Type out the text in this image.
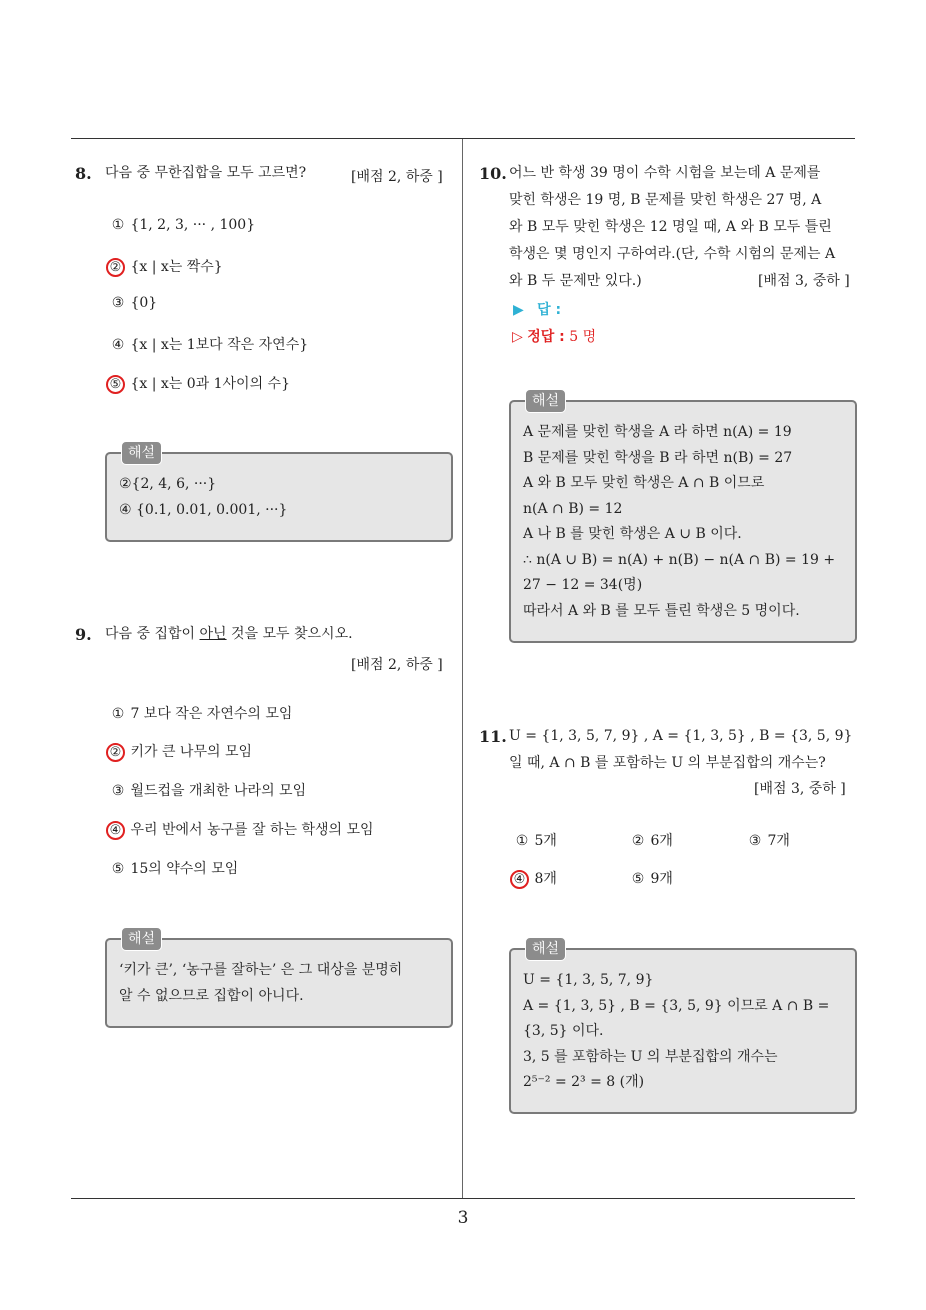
8. 다음 중 무한집합을 모두 고르면?	[배점 2, 하중 ]
① {1, 2, 3, ··· , 100}
② {x | x는 짝수}
③ {0}
④ {x | x는 1보다 작은 자연수}
⑤ {x | x는 0과 1사이의 수}
해설
②{2, 4, 6, ···}
④ {0.1, 0.01, 0.001, ···}
9. 다음 중 집합이 아닌 것을 모두 찾으시오.
[배점 2, 하중 ]
① 7 보다 작은 자연수의 모임
② 키가 큰 나무의 모임
③ 월드컵을 개최한 나라의 모임
④ 우리 반에서 농구를 잘 하는 학생의 모임
⑤ 15의 약수의 모임
해설
‘키가 큰’, ‘농구를 잘하는’ 은 그 대상을 분명히
알 수 없으므로 집합이 아니다.
10. 어느 반 학생 39 명이 수학 시험을 보는데 A 문제를
맞힌 학생은 19 명, B 문제를 맞힌 학생은 27 명, A
와 B 모두 맞힌 학생은 12 명일 때, A 와 B 모두 틀린
학생은 몇 명인지 구하여라.(단, 수학 시험의 문제는 A
와 B 두 문제만 있다.)	[배점 3, 중하 ]
▶ 답 :
▷ 정답 : 5 명
해설
A 문제를 맞힌 학생을 A 라 하면 n(A) = 19
B 문제를 맞힌 학생을 B 라 하면 n(B) = 27
A 와 B 모두 맞힌 학생은 A ∩ B 이므로
n(A ∩ B) = 12
A 나 B 를 맞힌 학생은 A ∪ B 이다.
∴ n(A ∪ B) = n(A) + n(B) − n(A ∩ B) = 19 +
27 − 12 = 34(명)
따라서 A 와 B 를 모두 틀린 학생은 5 명이다.
11. U = {1, 3, 5, 7, 9} , A = {1, 3, 5} , B = {3, 5, 9}
일 때, A ∩ B 를 포함하는 U 의 부분집합의 개수는?
[배점 3, 중하 ]
① 5개	② 6개	③ 7개
④ 8개	⑤ 9개
해설
U = {1, 3, 5, 7, 9}
A = {1, 3, 5} , B = {3, 5, 9} 이므로 A ∩ B =
{3, 5} 이다.
3, 5 를 포함하는 U 의 부분집합의 개수는
2⁵⁻² = 2³ = 8 (개)
3
